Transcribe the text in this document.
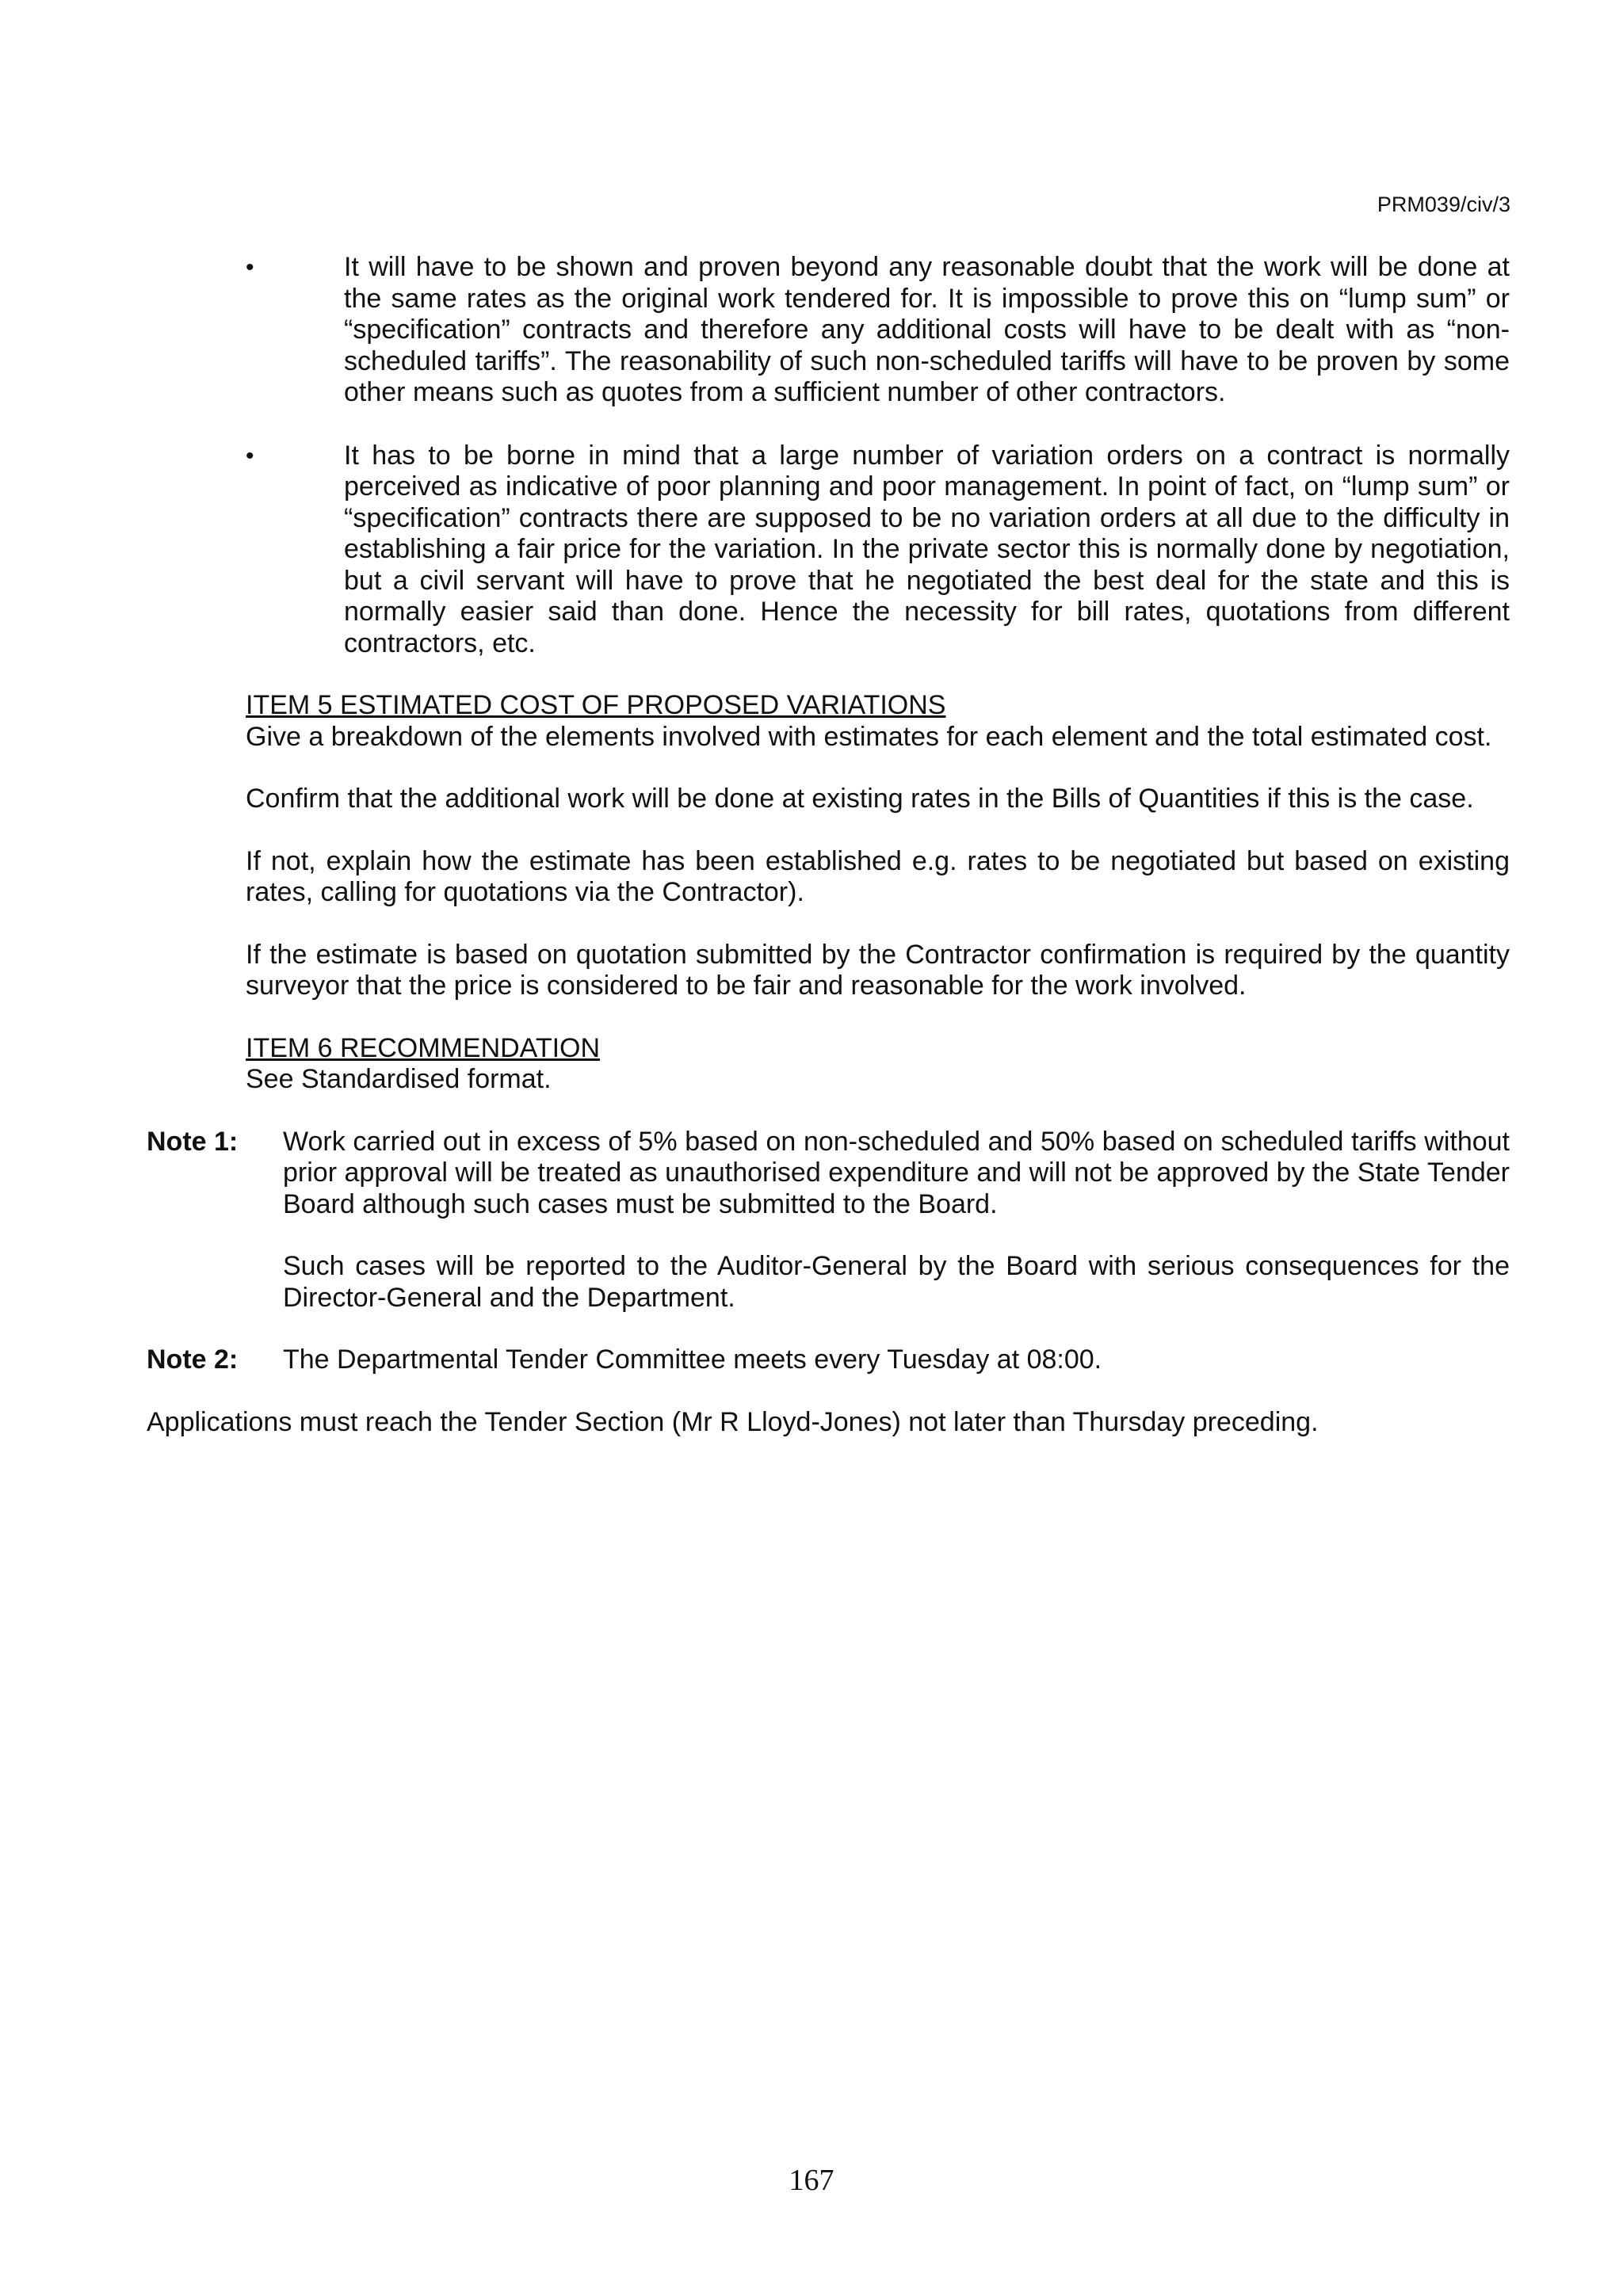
PRM039/civ/3
•	It will have to be shown and proven beyond any reasonable doubt that the work will be done at the same rates as the original work tendered for. It is impossible to prove this on “lump sum” or “specification” contracts and therefore any additional costs will have to be dealt with as “non-scheduled tariffs”. The reasonability of such non-scheduled tariffs will have to be proven by some other means such as quotes from a sufficient number of other contractors.
•	It has to be borne in mind that a large number of variation orders on a contract is normally perceived as indicative of poor planning and poor management. In point of fact, on “lump sum” or “specification” contracts there are supposed to be no variation orders at all due to the difficulty in establishing a fair price for the variation. In the private sector this is normally done by negotiation, but a civil servant will have to prove that he negotiated the best deal for the state and this is normally easier said than done. Hence the necessity for bill rates, quotations from different contractors, etc.
ITEM 5 ESTIMATED COST OF PROPOSED VARIATIONS
Give a breakdown of the elements involved with estimates for each element and the total estimated cost.
Confirm that the additional work will be done at existing rates in the Bills of Quantities if this is the case.
If not, explain how the estimate has been established e.g. rates to be negotiated but based on existing rates, calling for quotations via the Contractor).
If the estimate is based on quotation submitted by the Contractor confirmation is required by the quantity surveyor that the price is considered to be fair and reasonable for the work involved.
ITEM 6 RECOMMENDATION
See Standardised format.
Note 1: Work carried out in excess of 5% based on non-scheduled and 50% based on scheduled tariffs without prior approval will be treated as unauthorised expenditure and will not be approved by the State Tender Board although such cases must be submitted to the Board.
Such cases will be reported to the Auditor-General by the Board with serious consequences for the Director-General and the Department.
Note 2: The Departmental Tender Committee meets every Tuesday at 08:00.
Applications must reach the Tender Section (Mr R Lloyd-Jones) not later than Thursday preceding.
167
